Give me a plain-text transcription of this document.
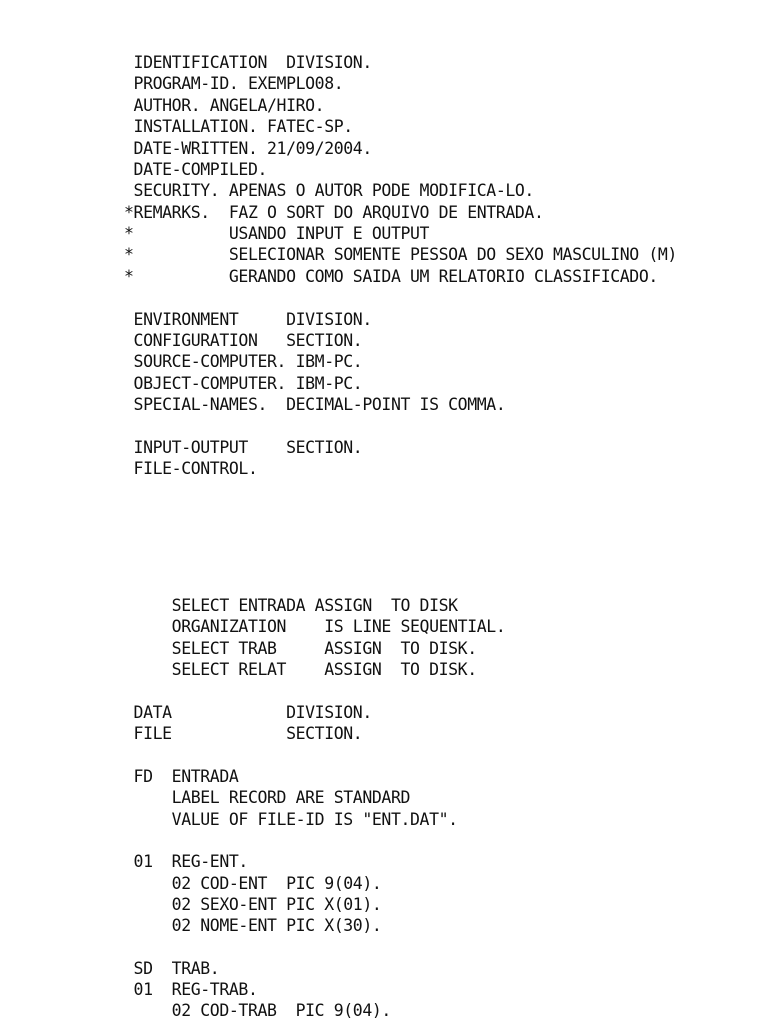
IDENTIFICATION  DIVISION.
PROGRAM-ID. EXEMPLO08.
AUTHOR. ANGELA/HIRO.
INSTALLATION. FATEC-SP.
DATE-WRITTEN. 21/09/2004.
DATE-COMPILED.
SECURITY. APENAS O AUTOR PODE MODIFICA-LO.
*REMARKS.  FAZ O SORT DO ARQUIVO DE ENTRADA.
*          USANDO INPUT E OUTPUT
*          SELECIONAR SOMENTE PESSOA DO SEXO MASCULINO (M)
*          GERANDO COMO SAIDA UM RELATORIO CLASSIFICADO.
ENVIRONMENT     DIVISION.
CONFIGURATION   SECTION.
SOURCE-COMPUTER. IBM-PC.
OBJECT-COMPUTER. IBM-PC.
SPECIAL-NAMES.  DECIMAL-POINT IS COMMA.
INPUT-OUTPUT    SECTION.
FILE-CONTROL.
SELECT ENTRADA ASSIGN  TO DISK
ORGANIZATION    IS LINE SEQUENTIAL.
SELECT TRAB     ASSIGN  TO DISK.
SELECT RELAT    ASSIGN  TO DISK.
DATA            DIVISION.
FILE            SECTION.
FD  ENTRADA
LABEL RECORD ARE STANDARD
VALUE OF FILE-ID IS "ENT.DAT".
01  REG-ENT.
02 COD-ENT  PIC 9(04).
02 SEXO-ENT PIC X(01).
02 NOME-ENT PIC X(30).
SD  TRAB.
01  REG-TRAB.
02 COD-TRAB  PIC 9(04).
